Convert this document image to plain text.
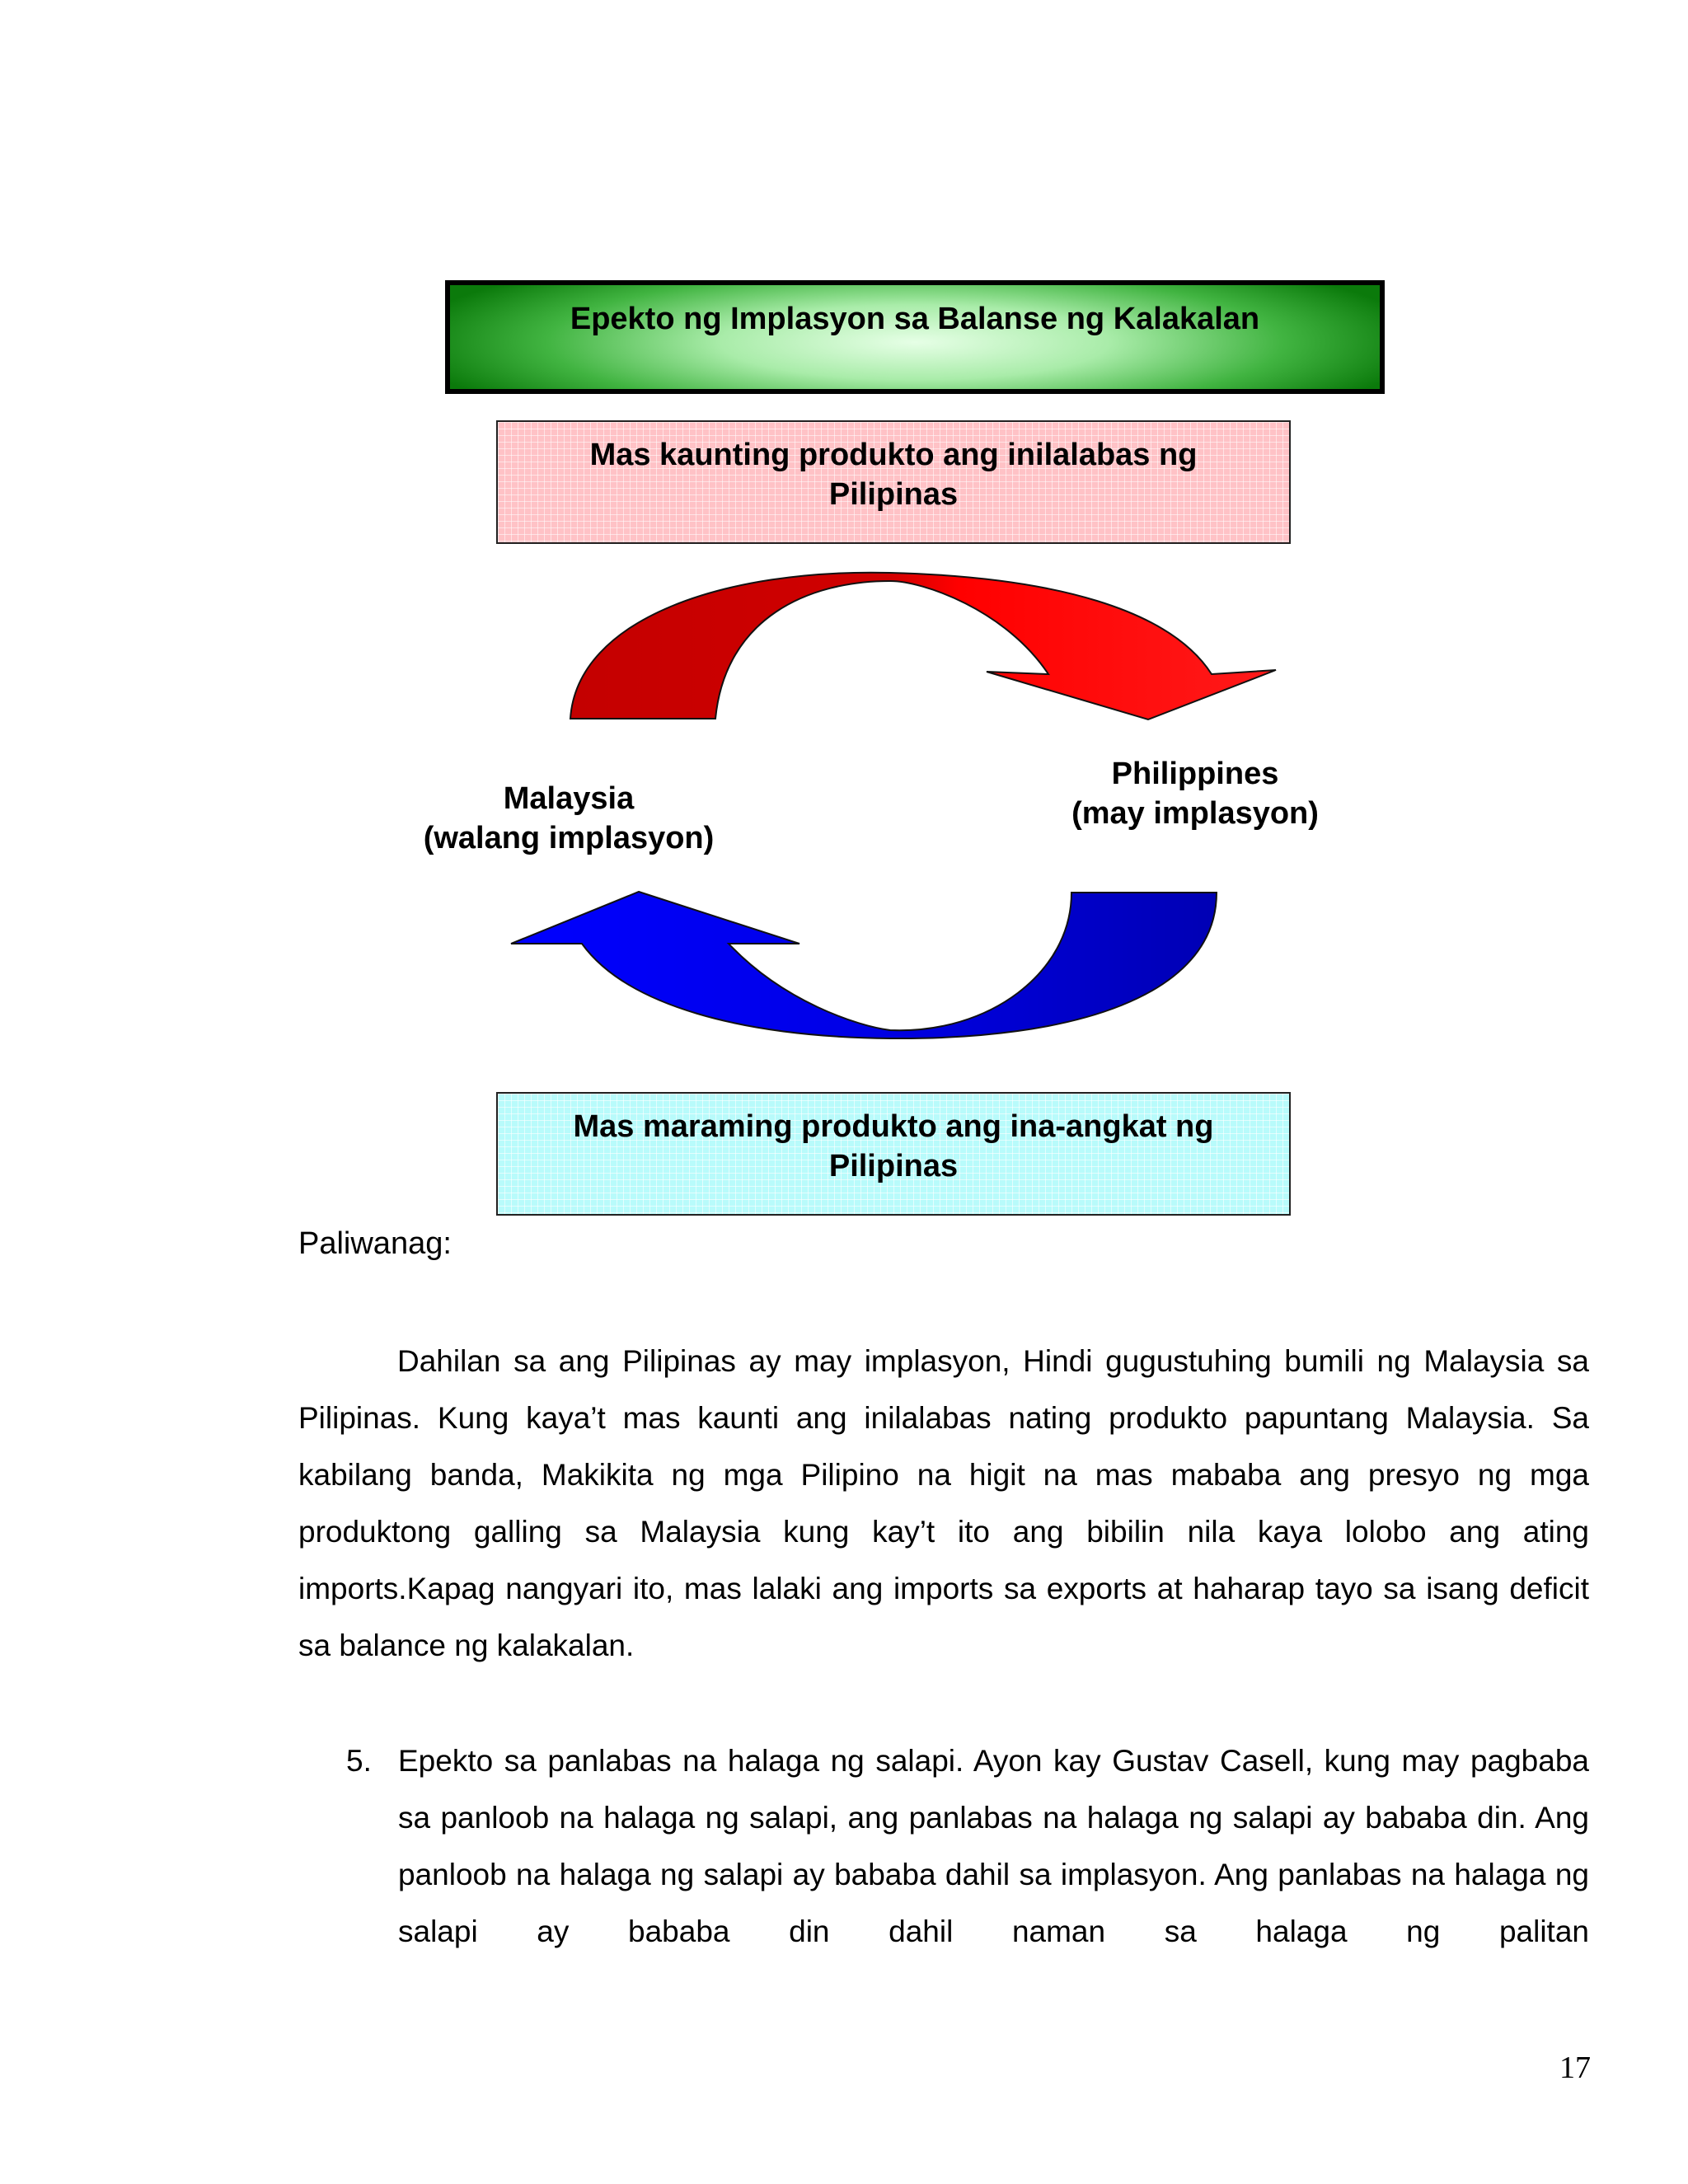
Epekto ng Implasyon sa Balanse ng Kalakalan
Mas kaunting produkto ang inilalabas ng
Pilipinas
Malaysia
(walang implasyon)
Philippines
(may implasyon)
Mas maraming produkto ang ina-angkat ng
Pilipinas
Paliwanag:
Dahilan sa ang Pilipinas ay may implasyon, Hindi gugustuhing bumili ng Malaysia sa Pilipinas. Kung kaya’t mas kaunti ang inilalabas nating produkto papuntang Malaysia. Sa kabilang banda, Makikita ng mga Pilipino na higit na mas mababa ang presyo ng mga produktong galling sa Malaysia kung kay’t ito ang bibilin nila kaya lolobo ang ating imports.Kapag nangyari ito, mas lalaki ang imports sa exports at haharap tayo sa isang deficit sa balance ng kalakalan.
5. Epekto sa panlabas na halaga ng salapi. Ayon kay Gustav Casell, kung may pagbaba sa panloob na halaga ng salapi, ang panlabas na halaga ng salapi ay bababa din. Ang panloob na halaga ng salapi ay bababa dahil sa implasyon. Ang panlabas na halaga ng salapi ay bababa din dahil naman sa halaga ng palitan
17
